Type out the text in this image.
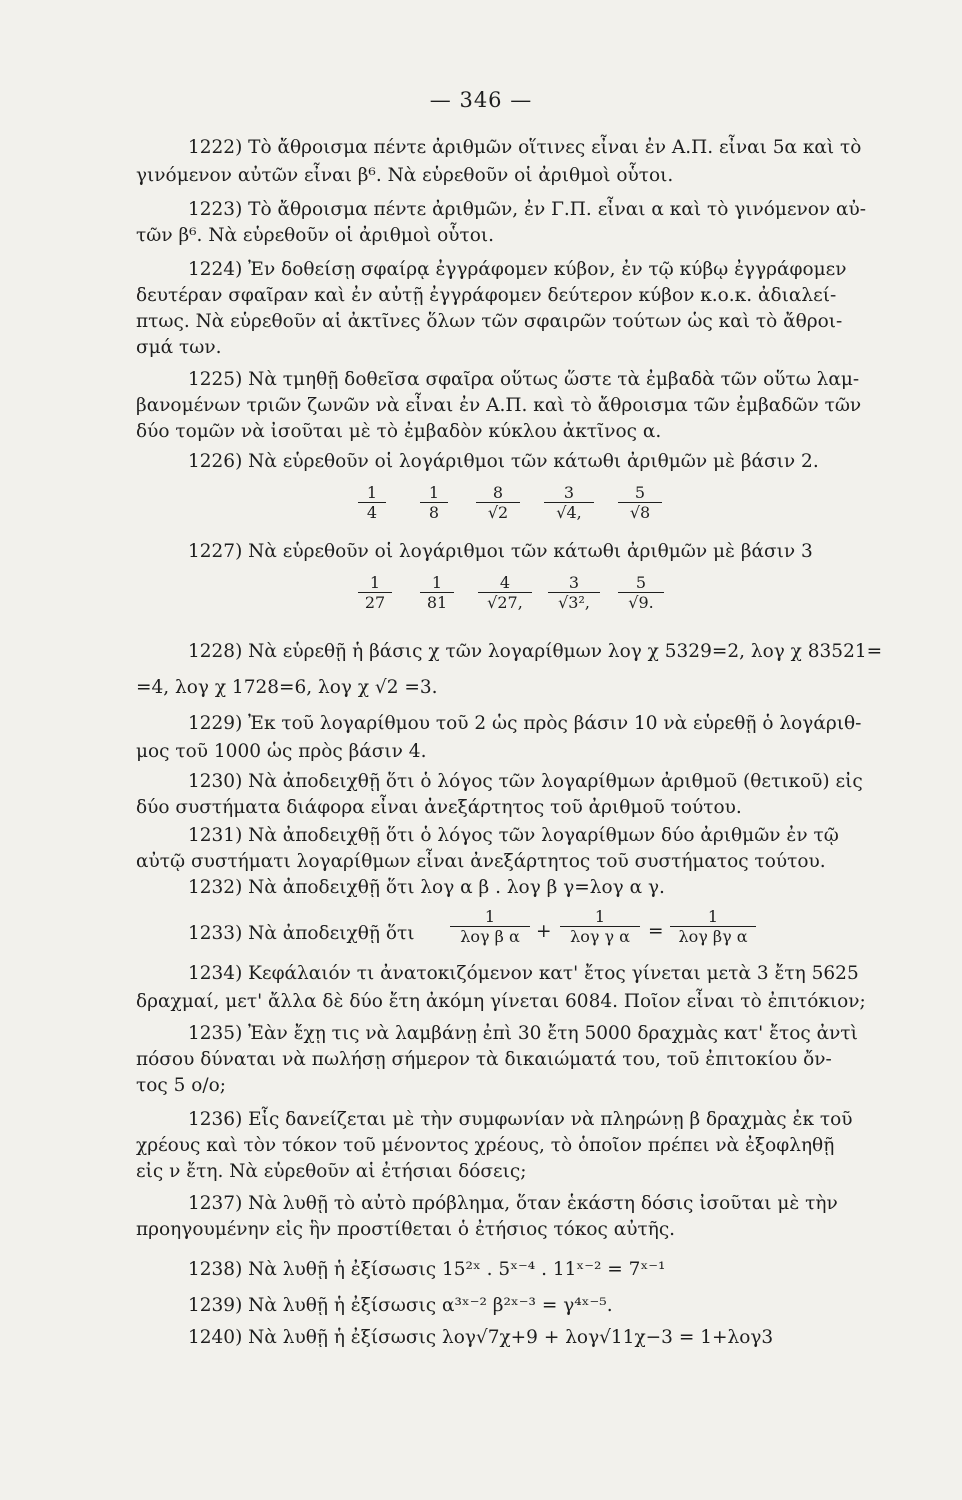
— 346 —
1222) Τὸ ἄθροισμα πέντε ἀριθμῶν οἵτινες εἶναι ἐν Α.Π. εἶναι 5α καὶ τὸ
γινόμενον αὐτῶν εἶναι β⁶. Νὰ εὑρεθοῦν οἱ ἀριθμοὶ οὗτοι.
1223) Τὸ ἄθροισμα πέντε ἀριθμῶν, ἐν Γ.Π. εἶναι α καὶ τὸ γινόμενον αὐ-
τῶν β⁶. Νὰ εὑρεθοῦν οἱ ἀριθμοὶ οὗτοι.
1224) Ἐν δοθείσῃ σφαίρᾳ ἐγγράφομεν κύβον, ἐν τῷ κύβῳ ἐγγράφομεν
δευτέραν σφαῖραν καὶ ἐν αὐτῇ ἐγγράφομεν δεύτερον κύβον κ.ο.κ. ἀδιαλεί-
πτως. Νὰ εὑρεθοῦν αἱ ἀκτῖνες ὅλων τῶν σφαιρῶν τούτων ὡς καὶ τὸ ἄθροι-
σμά των.
1225) Νὰ τμηθῇ δοθεῖσα σφαῖρα οὕτως ὥστε τὰ ἐμβαδὰ τῶν οὕτω λαμ-
βανομένων τριῶν ζωνῶν νὰ εἶναι ἐν Α.Π. καὶ τὸ ἄθροισμα τῶν ἐμβαδῶν τῶν
δύο τομῶν νὰ ἰσοῦται μὲ τὸ ἐμβαδὸν κύκλου ἀκτῖνος α.
1226) Νὰ εὑρεθοῦν οἱ λογάριθμοι τῶν κάτωθι ἀριθμῶν μὲ βάσιν 2.
$\frac{1}{4} \frac{1}{8} \frac{8}{√2} \frac{3}{√4,} \frac{5}{√8}$
1227) Νὰ εὑρεθοῦν οἱ λογάριθμοι τῶν κάτωθι ἀριθμῶν μὲ βάσιν 3
$\frac{1}{27} \frac{1}{81} \frac{4}{√27,} \frac{3}{\text{√3²,}} \frac{5}{√9.}$
1228) Νὰ εὑρεθῇ ἡ βάσις χ τῶν λογαρίθμων λογ χ 5329=2, λογ χ 83521=
=4, λογ χ 1728=6, λογ χ √2 =3.
1229) Ἐκ τοῦ λογαρίθμου τοῦ 2 ὡς πρὸς βάσιν 10 νὰ εὑρεθῇ ὁ λογάριθ-
μος τοῦ 1000 ὡς πρὸς βάσιν 4.
1230) Νὰ ἀποδειχθῇ ὅτι ὁ λόγος τῶν λογαρίθμων ἀριθμοῦ (θετικοῦ) εἰς
δύο συστήματα διάφορα εἶναι ἀνεξάρτητος τοῦ ἀριθμοῦ τούτου.
1231) Νὰ ἀποδειχθῇ ὅτι ὁ λόγος τῶν λογαρίθμων δύο ἀριθμῶν ἐν τῷ
αὐτῷ συστήματι λογαρίθμων εἶναι ἀνεξάρτητος τοῦ συστήματος τούτου.
1232) Νὰ ἀποδειχθῇ ὅτι λογ α β . λογ β γ=λογ α γ.
1233) Νὰ ἀποδειχθῇ ὅτι
1
λογ β α +
1
λογ γ α =
1
λογ βγ α
1234) Κεφάλαιόν τι ἀνατοκιζόμενον κατ' ἔτος γίνεται μετὰ 3 ἔτη 5625
δραχμαί, μετ' ἄλλα δὲ δύο ἔτη ἀκόμη γίνεται 6084. Ποῖον εἶναι τὸ ἐπιτόκιον;
1235) Ἐὰν ἔχῃ τις νὰ λαμβάνῃ ἐπὶ 30 ἔτη 5000 δραχμὰς κατ' ἔτος ἀντὶ
πόσου δύναται νὰ πωλήσῃ σήμερον τὰ δικαιώματά του, τοῦ ἐπιτοκίου ὄν-
τος 5 ο/ο;
1236) Εἷς δανείζεται μὲ τὴν συμφωνίαν νὰ πληρώνῃ β δραχμὰς ἐκ τοῦ
χρέους καὶ τὸν τόκον τοῦ μένοντος χρέους, τὸ ὁποῖον πρέπει νὰ ἐξοφληθῇ
εἰς ν ἔτη. Νὰ εὑρεθοῦν αἱ ἐτήσιαι δόσεις;
1237) Νὰ λυθῇ τὸ αὐτὸ πρόβλημα, ὅταν ἑκάστη δόσις ἰσοῦται μὲ τὴν
προηγουμένην εἰς ἣν προστίθεται ὁ ἐτήσιος τόκος αὐτῆς.
1238) Νὰ λυθῇ ἡ ἐξίσωσις 15²ˣ . 5ˣ⁻⁴ . 11ˣ⁻² = 7ˣ⁻¹
1239) Νὰ λυθῇ ἡ ἐξίσωσις α³ˣ⁻² β²ˣ⁻³ = γ⁴ˣ⁻⁵.
1240) Νὰ λυθῇ ἡ ἐξίσωσις λογ√7χ+9 + λογ√11χ−3 = 1+λογ3
